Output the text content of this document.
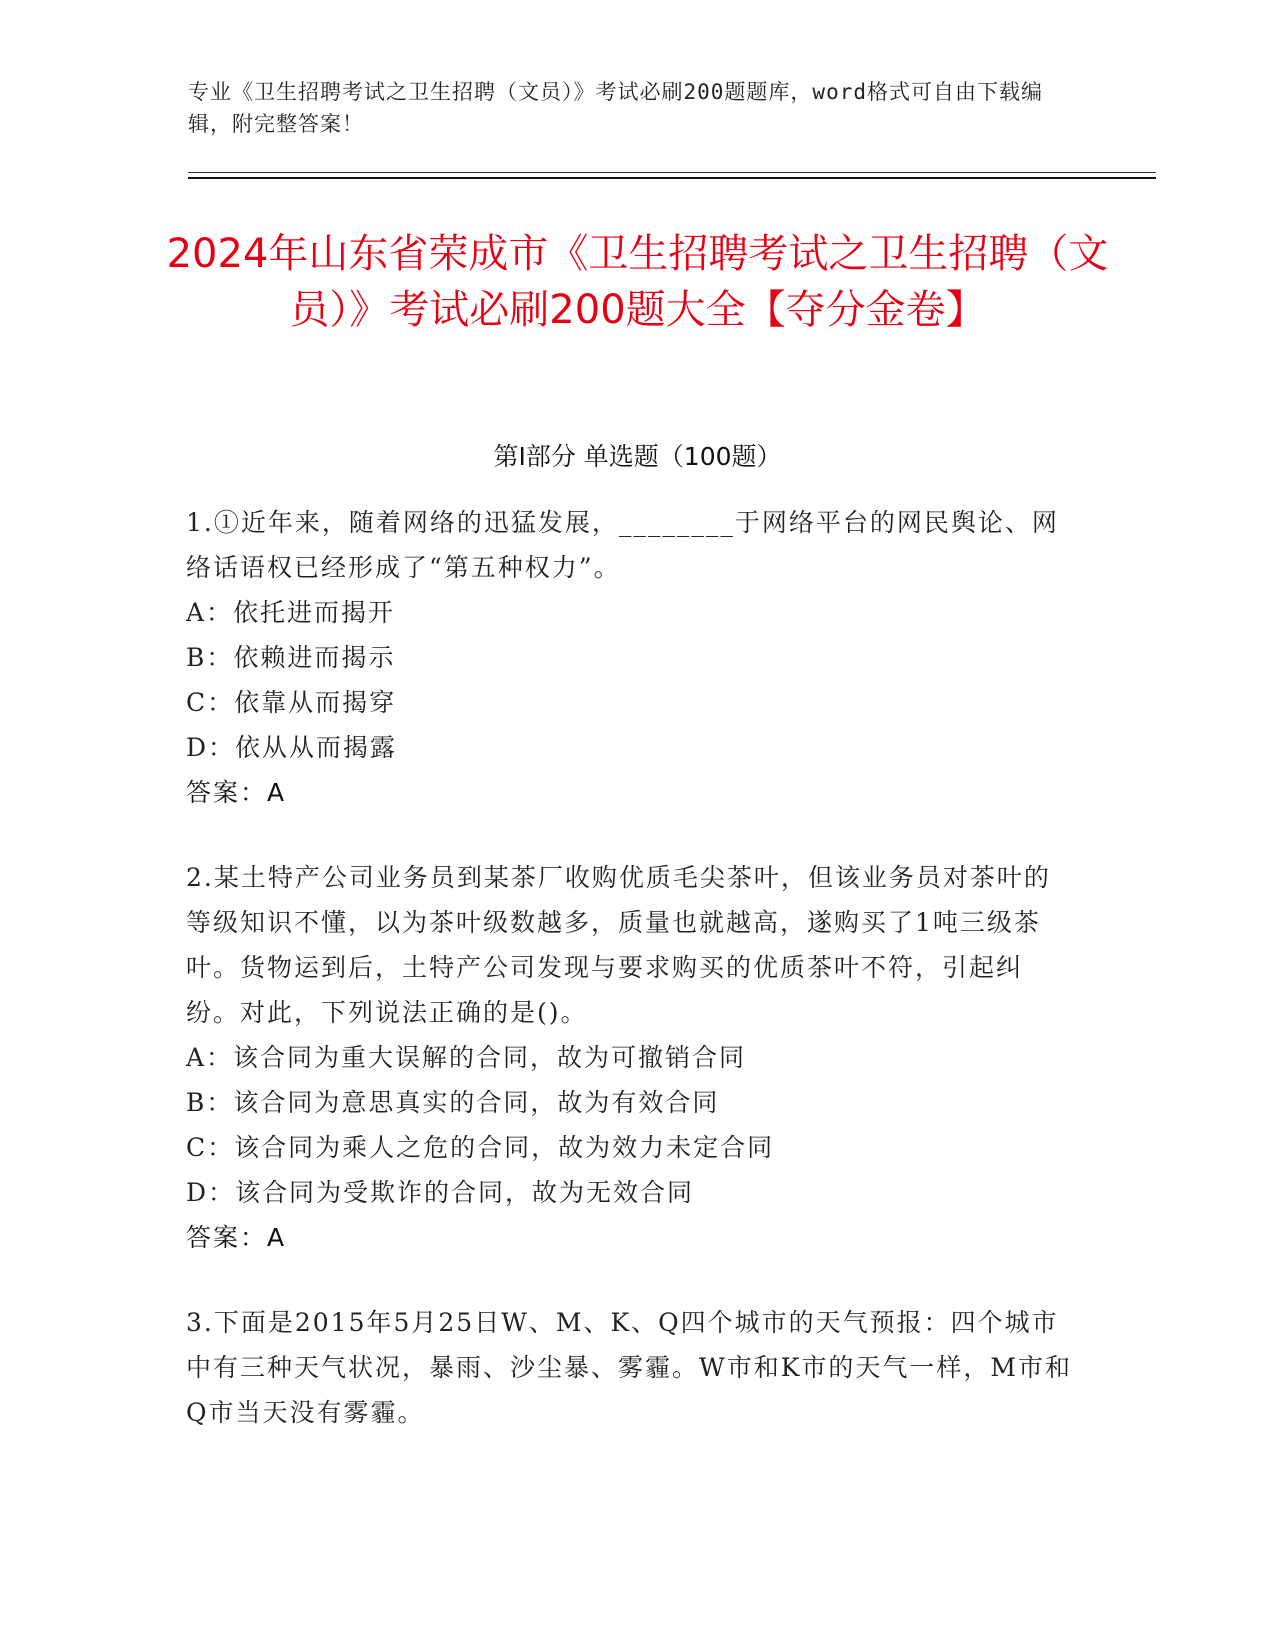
专业《卫生招聘考试之卫生招聘（文员）》考试必刷200题题库，word格式可自由下载编辑，附完整答案！
2024年山东省荣成市《卫生招聘考试之卫生招聘（文员）》考试必刷200题大全【夺分金卷】
第I部分 单选题（100题）

1.①近年来，随着网络的迅猛发展，________于网络平台的网民舆论、网络话语权已经形成了“第五种权力”。

A：依托进而揭开

B：依赖进而揭示

C：依靠从而揭穿

D：依从从而揭露

答案：A

2.某土特产公司业务员到某茶厂收购优质毛尖茶叶，但该业务员对茶叶的等级知识不懂，以为茶叶级数越多，质量也就越高，遂购买了1吨三级茶叶。货物运到后，土特产公司发现与要求购买的优质茶叶不符，引起纠纷。对此，下列说法正确的是()。

A：该合同为重大误解的合同，故为可撤销合同

B：该合同为意思真实的合同，故为有效合同

C：该合同为乘人之危的合同，故为效力未定合同

D：该合同为受欺诈的合同，故为无效合同

答案：A

3.下面是2015年5月25日W、M、K、Q四个城市的天气预报：四个城市中有三种天气状况，暴雨、沙尘暴、雾霾。W市和K市的天气一样，M市和Q市当天没有雾霾。
